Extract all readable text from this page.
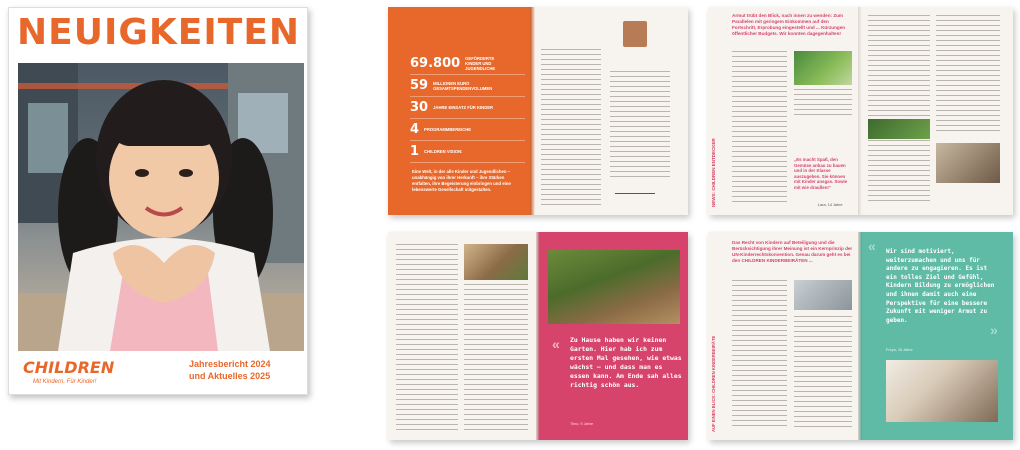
NEUIGKEITEN
CHILDREN
Mit Kindern. Für Kinder!
Jahresbericht 2024
und Aktuelles 2025
69.800 GEFÖRDERTE KINDER UND JUGENDLICHE
59 MILLIONEN EURO GESAMTSPENDENVOLUMEN
30 JAHRE EINSATZ FÜR KINDER
4 PROGRAMMBEREICHE
1 CHILDREN VISION:
Eine Welt, in der alle Kinder und Jugendlichen – unabhängig von ihrer Herkunft – ihre Stärken entfalten, ihre Begeisterung einbringen und eine lebenswerte Gesellschaft mitgestalten.	NEWS: CHILDREN ENTDECKER
Armut trübt den Blick, nach innen zu wenden: Zum Parallelen mit geringem Einkommen auf den Fortschritt, Erprobung eingestellt und ... Kürzungen öffentlicher Budgets. Wir konnten dagegenhalten!
„Es macht Spaß, den Gemüse anbau zu bauen und in der Klasse auszugeben. Sie können mit Kinder ansgas. Sowie mit wie draußen!“
Lara, 14 Jahre
« Zu Hause haben wir keinen Garten. Hier hab ich zum ersten Mal gesehen, wie etwas wächst – und dass man es essen kann. Am Ende sah alles richtig schön aus.
Timo, 9 Jahre	AUF EINEN BLICK: CHILDREN KINDERBEIRÄTE
Das Recht von Kindern auf Beteiligung und die Berücksichtigung ihrer Meinung ist ein Kernprinzip der UN-Kinderrechtskonvention. Genau darum geht es bei den CHILDREN KINDERBEIRÄTEN ...
«
»
Wir sind motiviert, weiterzumachen und uns für andere zu engagieren. Es ist ein tolles Ziel und Gefühl, Kindern Bildung zu ermöglichen und ihnen damit auch eine Perspektive für eine bessere Zukunft mit weniger Armut zu geben.
Freya, 16 Jahre
